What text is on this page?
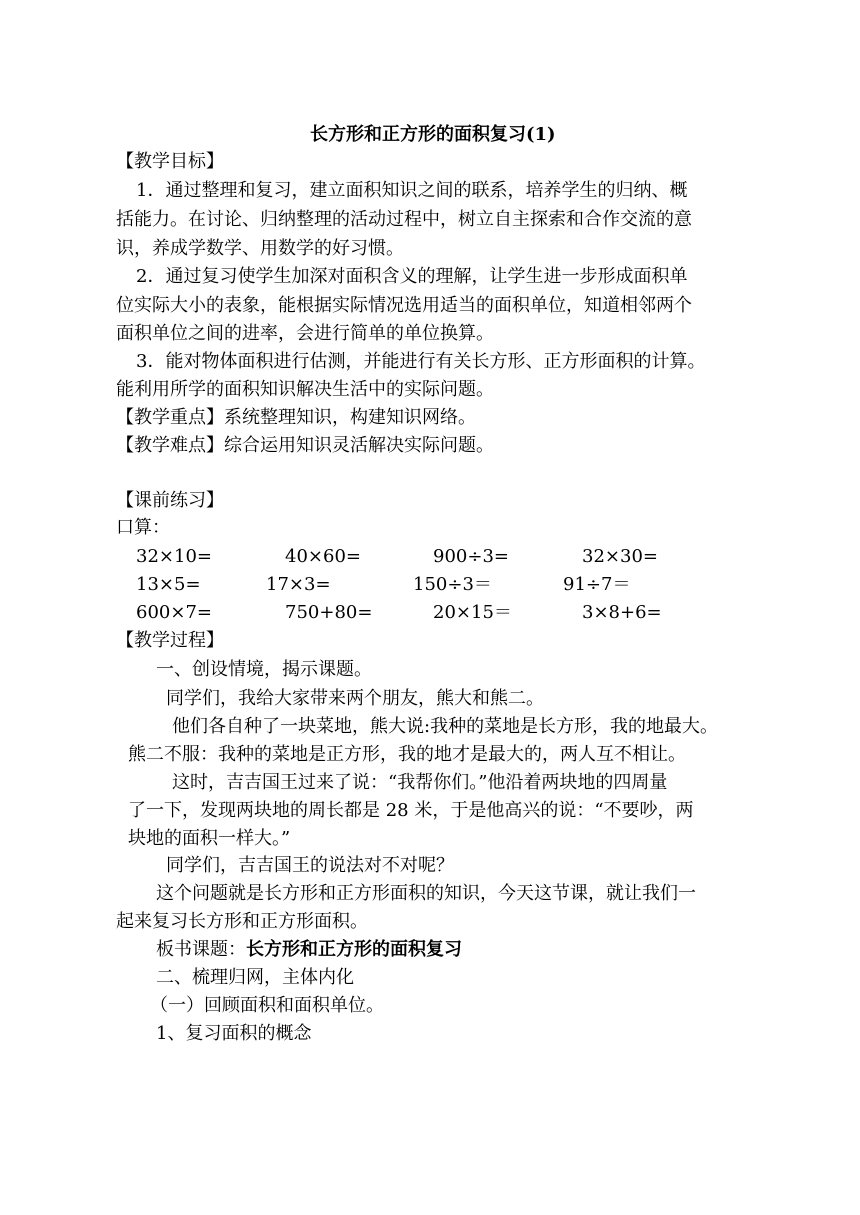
长方形和正方形的面积复习(1)
【教学目标】
1．通过整理和复习，建立面积知识之间的联系，培养学生的归纳、概
括能力。在讨论、归纳整理的活动过程中，树立自主探索和合作交流的意
识，养成学数学、用数学的好习惯。
2．通过复习使学生加深对面积含义的理解，让学生进一步形成面积单
位实际大小的表象，能根据实际情况选用适当的面积单位，知道相邻两个
面积单位之间的进率，会进行简单的单位换算。
3．能对物体面积进行估测，并能进行有关长方形、正方形面积的计算。
能利用所学的面积知识解决生活中的实际问题。
【教学重点】系统整理知识，构建知识网络。
【教学难点】综合运用知识灵活解决实际问题。
【课前练习】
口算：
32×10=	40×60=	900÷3=	32×30=
13×5=	17×3=	150÷3＝	91÷7＝
600×7=	750+80=	20×15＝	3×8+6=
【教学过程】
一、创设情境，揭示课题。
同学们，我给大家带来两个朋友，熊大和熊二。
他们各自种了一块菜地，熊大说:我种的菜地是长方形，我的地最大。
熊二不服：我种的菜地是正方形，我的地才是最大的，两人互不相让。
这时，吉吉国王过来了说：“我帮你们。”他沿着两块地的四周量
了一下，发现两块地的周长都是 28 米，于是他高兴的说：“不要吵，两
块地的面积一样大。”
同学们，吉吉国王的说法对不对呢？
这个问题就是长方形和正方形面积的知识，今天这节课，就让我们一
起来复习长方形和正方形面积。
板书课题：长方形和正方形的面积复习
二、梳理归网，主体内化
（一）回顾面积和面积单位。
1、复习面积的概念
